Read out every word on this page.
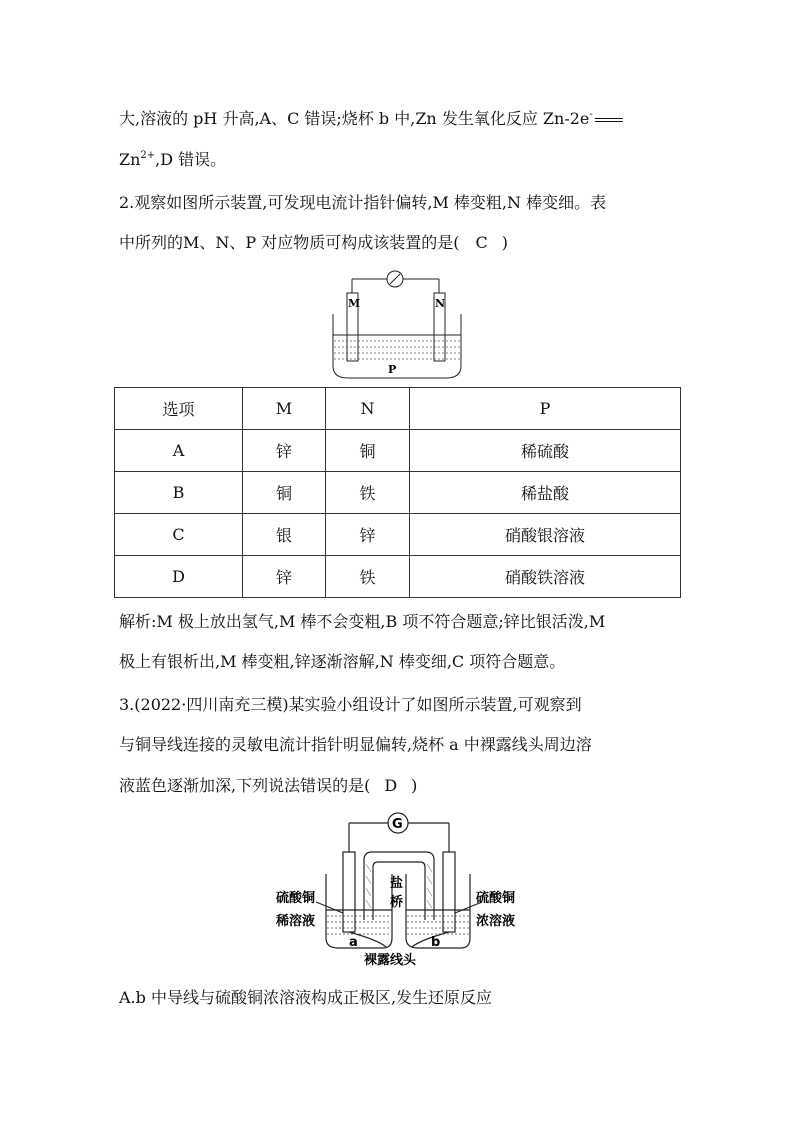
大,溶液的 pH 升高,A、C 错误;烧杯 b 中,Zn 发生氧化反应 Zn-2e-
$Zn^{2+},D$ 错误。
2.观察如图所示装置,可发现电流计指针偏转,M 棒变粗,N 棒变细。表
中所列的M、N、P 对应物质可构成该装置的是( C )
M	N
P
选项	M	N	P
A	锌	铜	稀硫酸
B	铜	铁	稀盐酸
C	银	锌	硝酸银溶液
D	锌	铁	硝酸铁溶液
解析:M 极上放出氢气,M 棒不会变粗,B 项不符合题意;锌比银活泼,M
极上有银析出,M 棒变粗,锌逐渐溶解,N 棒变细,C 项符合题意。
3.(2022·四川南充三模)某实验小组设计了如图所示装置,可观察到
与铜导线连接的灵敏电流计指针明显偏转,烧杯 a 中裸露线头周边溶
液蓝色逐渐加深,下列说法错误的是( D )
G
盐
桥
硫酸铜
稀溶液
硫酸铜
浓溶液
a	b
裸露线头
A.b 中导线与硫酸铜浓溶液构成正极区,发生还原反应
